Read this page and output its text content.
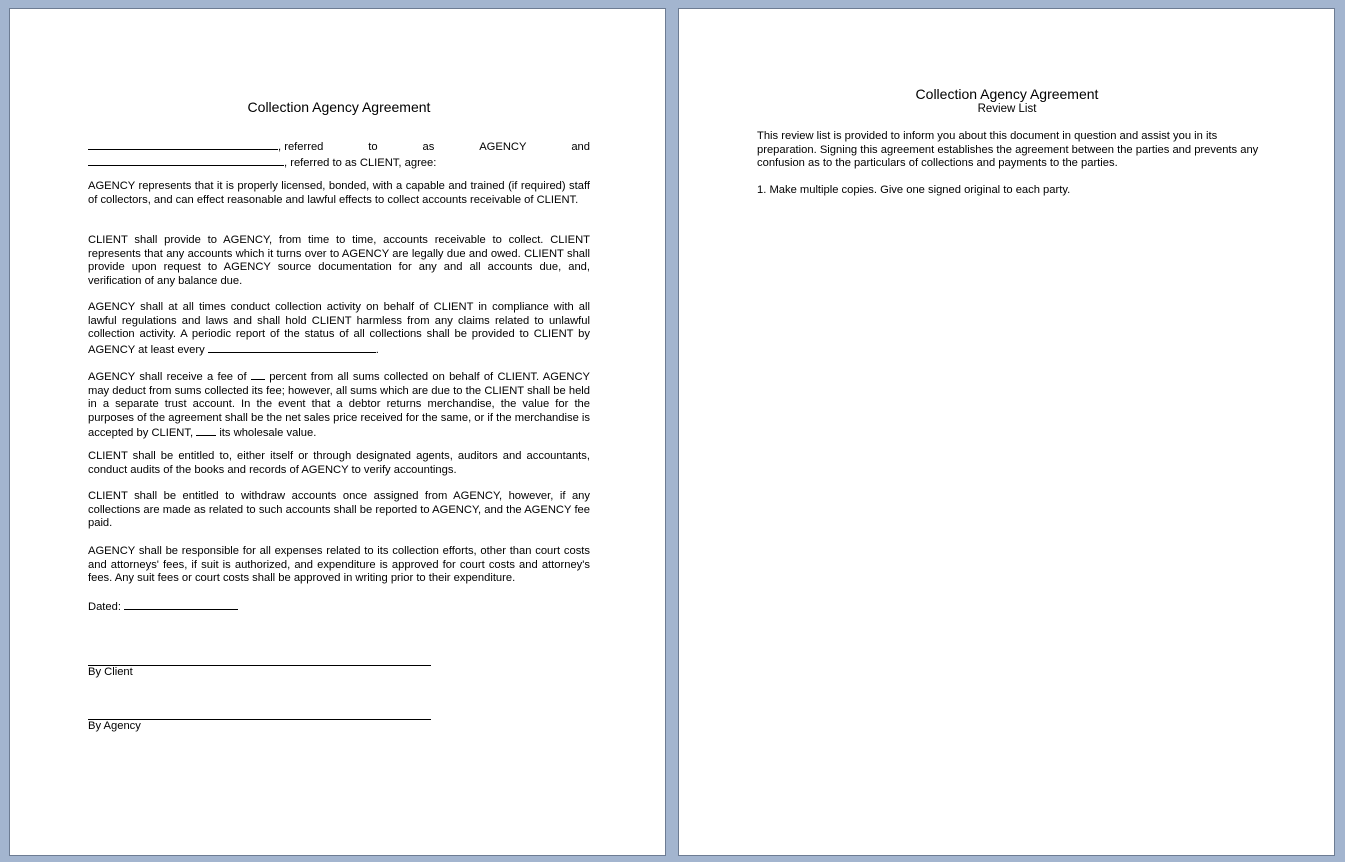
Collection Agency Agreement
, referred	to	as	AGENCY	and
, referred to as CLIENT, agree:

AGENCY represents that it is properly licensed, bonded, with a capable and trained (if required) staff of collectors, and can effect reasonable and lawful effects to collect accounts receivable of CLIENT.

CLIENT shall provide to AGENCY, from time to time, accounts receivable to collect. CLIENT represents that any accounts which it turns over to AGENCY are legally due and owed. CLIENT shall provide upon request to AGENCY source documentation for any and all accounts due, and, verification of any balance due.

AGENCY shall at all times conduct collection activity on behalf of CLIENT in compliance with all lawful regulations and laws and shall hold CLIENT harmless from any claims related to unlawful collection activity. A periodic report of the status of all collections shall be provided to CLIENT by AGENCY at least every	.

AGENCY shall receive a fee of percent from all sums collected on behalf of CLIENT. AGENCY may deduct from sums collected its fee; however, all sums which are due to the CLIENT shall be held in a separate trust account. In the event that a debtor returns merchandise, the value for the purposes of the agreement shall be the net sales price received for the same, or if the merchandise is accepted by CLIENT, its wholesale value.

CLIENT shall be entitled to, either itself or through designated agents, auditors and accountants, conduct audits of the books and records of AGENCY to verify accountings.

CLIENT shall be entitled to withdraw accounts once assigned from AGENCY, however, if any collections are made as related to such accounts shall be reported to AGENCY, and the AGENCY fee paid.

AGENCY shall be responsible for all expenses related to its collection efforts, other than court costs and attorneys' fees, if suit is authorized, and expenditure is approved for court costs and attorney's fees. Any suit fees or court costs shall be approved in writing prior to their expenditure.

Dated:
By Client
By Agency
Collection Agency Agreement
Review List

This review list is provided to inform you about this document in question and assist you in its preparation. Signing this agreement establishes the agreement between the parties and prevents any confusion as to the particulars of collections and payments to the parties.

1. Make multiple copies. Give one signed original to each party.
